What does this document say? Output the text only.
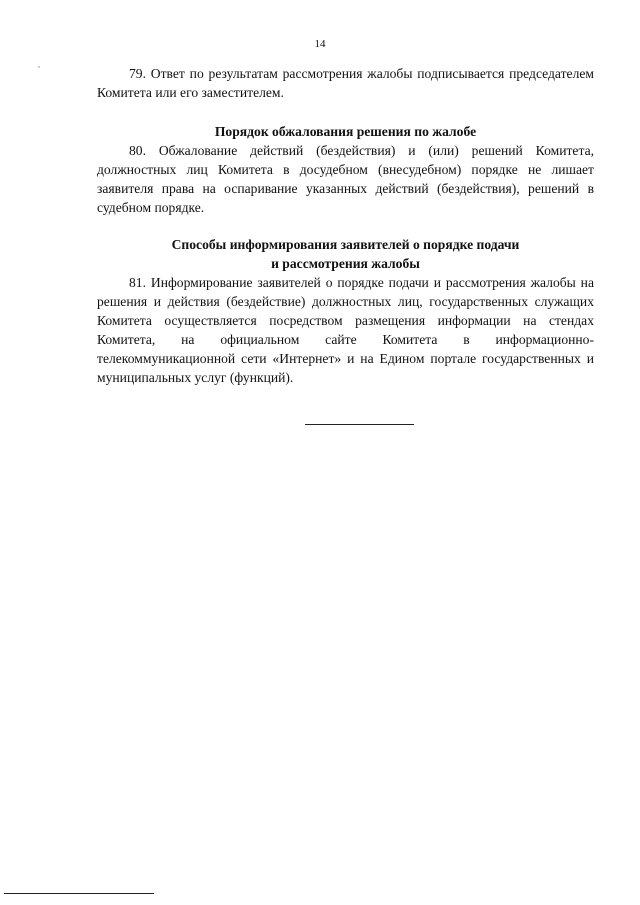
14

79. Ответ по результатам рассмотрения жалобы подписывается председателем Комитета или его заместителем.

Порядок обжалования решения по жалобе

80. Обжалование действий (бездействия) и (или) решений Комитета, должностных лиц Комитета в досудебном (внесудебном) порядке не лишает заявителя права на оспаривание указанных действий (бездействия), решений в судебном порядке.

Способы информирования заявителей о порядке подачи
и рассмотрения жалобы

81. Информирование заявителей о порядке подачи и рассмотрения жалобы на решения и действия (бездействие) должностных лиц, государственных служащих Комитета осуществляется посредством размещения информации на стендах Комитета, на официальном сайте Комитета в информационно-телекоммуникационной сети «Интернет» и на Едином портале государственных и муниципальных услуг (функций).
